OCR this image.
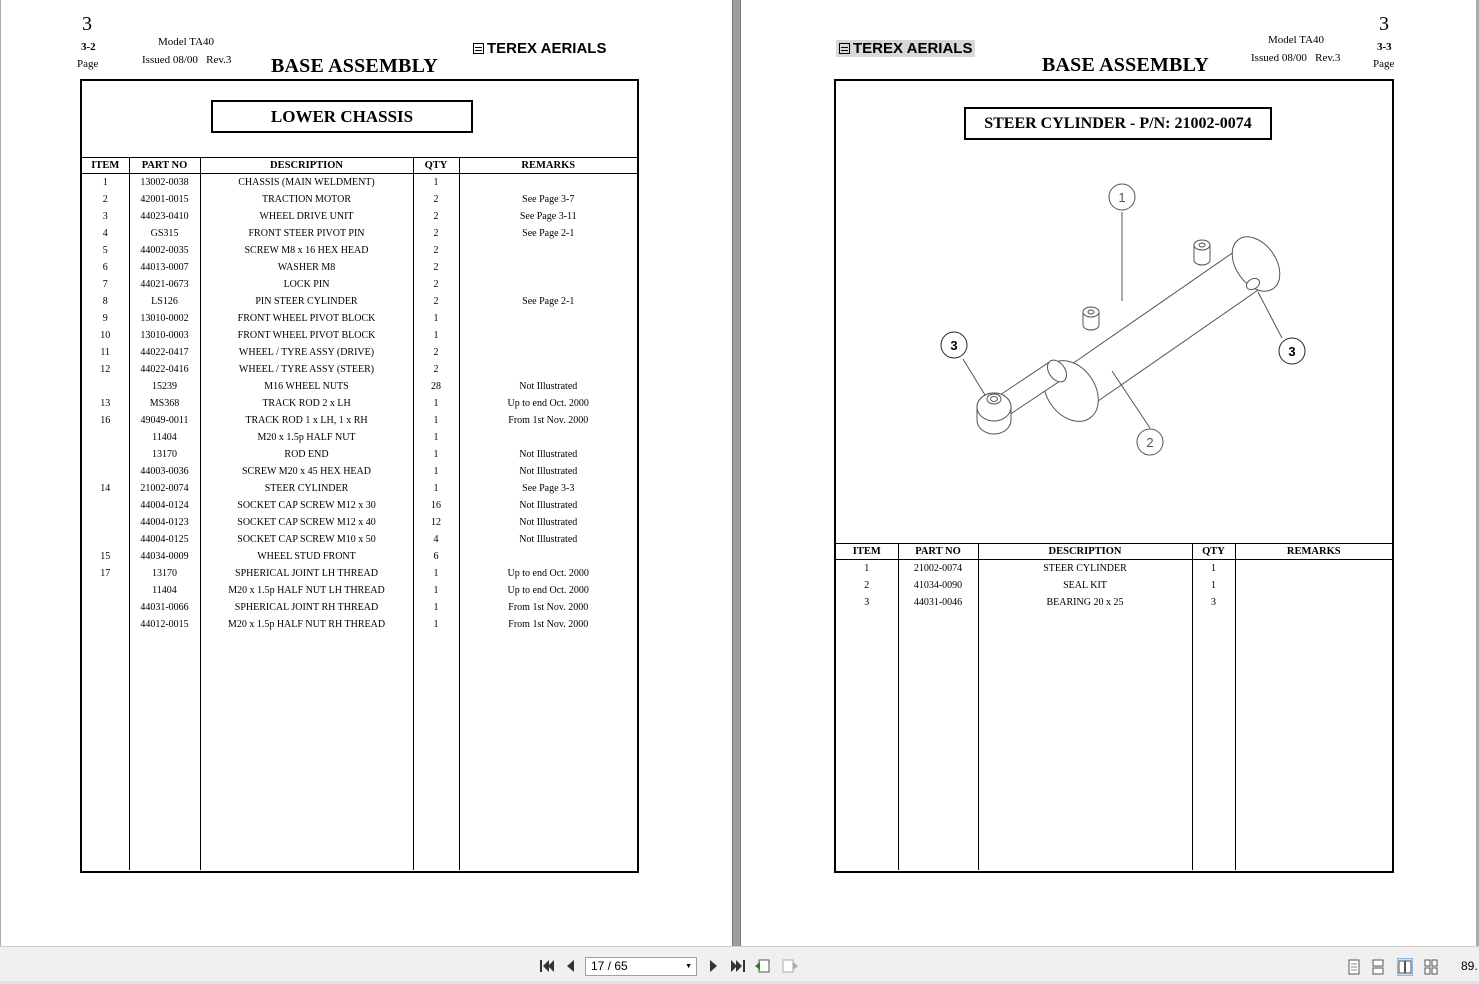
3
3-2
Page
Model TA40
Issued 08/00   Rev.3 BASE ASSEMBLY
TEREX AERIALS
LOWER CHASSIS
ITEM	PART NO	DESCRIPTION	QTY	REMARKS
1	13002-0038	CHASSIS (MAIN WELDMENT)	1	
2	42001-0015	TRACTION MOTOR	2	See Page 3-7
3	44023-0410	WHEEL DRIVE UNIT	2	See Page 3-11
4	GS315	FRONT STEER PIVOT PIN	2	See Page 2-1
5	44002-0035	SCREW M8 x 16 HEX HEAD	2	
6	44013-0007	WASHER M8	2	
7	44021-0673	LOCK PIN	2	
8	LS126	PIN STEER CYLINDER	2	See Page 2-1
9	13010-0002	FRONT WHEEL PIVOT BLOCK	1	
10	13010-0003	FRONT WHEEL PIVOT BLOCK	1	
11	44022-0417	WHEEL / TYRE ASSY (DRIVE)	2	
12	44022-0416	WHEEL / TYRE ASSY (STEER)	2	
	15239	M16 WHEEL NUTS	28	Not Illustrated
13	MS368	TRACK ROD 2 x LH	1	Up to end Oct. 2000
16	49049-0011	TRACK ROD 1 x LH, 1 x RH	1	From 1st Nov. 2000
	11404	M20 x 1.5p HALF NUT	1	
	13170	ROD END	1	Not Illustrated
	44003-0036	SCREW M20 x 45 HEX HEAD	1	Not Illustrated
14	21002-0074	STEER CYLINDER	1	See Page 3-3
	44004-0124	SOCKET CAP SCREW M12 x 30	16	Not Illustrated
	44004-0123	SOCKET CAP SCREW M12 x 40	12	Not Illustrated
	44004-0125	SOCKET CAP SCREW M10 x 50	4	Not Illustrated
15	44034-0009	WHEEL STUD FRONT	6	
17	13170	SPHERICAL JOINT LH THREAD	1	Up to end Oct. 2000
	11404	M20 x 1.5p HALF NUT LH THREAD	1	Up to end Oct. 2000
	44031-0066	SPHERICAL JOINT RH THREAD	1	From 1st Nov. 2000
	44012-0015	M20 x 1.5p HALF NUT RH THREAD	1	From 1st Nov. 2000

TEREX AERIALS	Model TA40
Issued 08/00   Rev.3
3
3-3
Page
BASE ASSEMBLY
STEER CYLINDER - P/N: 21002-0074
1
2
3	3
ITEM	PART NO	DESCRIPTION	QTY	REMARKS
1	21002-0074	STEER CYLINDER	1	
2	41034-0090	SEAL KIT	1	
3	44031-0046	BEARING 20 x 25	3	

17 / 65	▼	89.
